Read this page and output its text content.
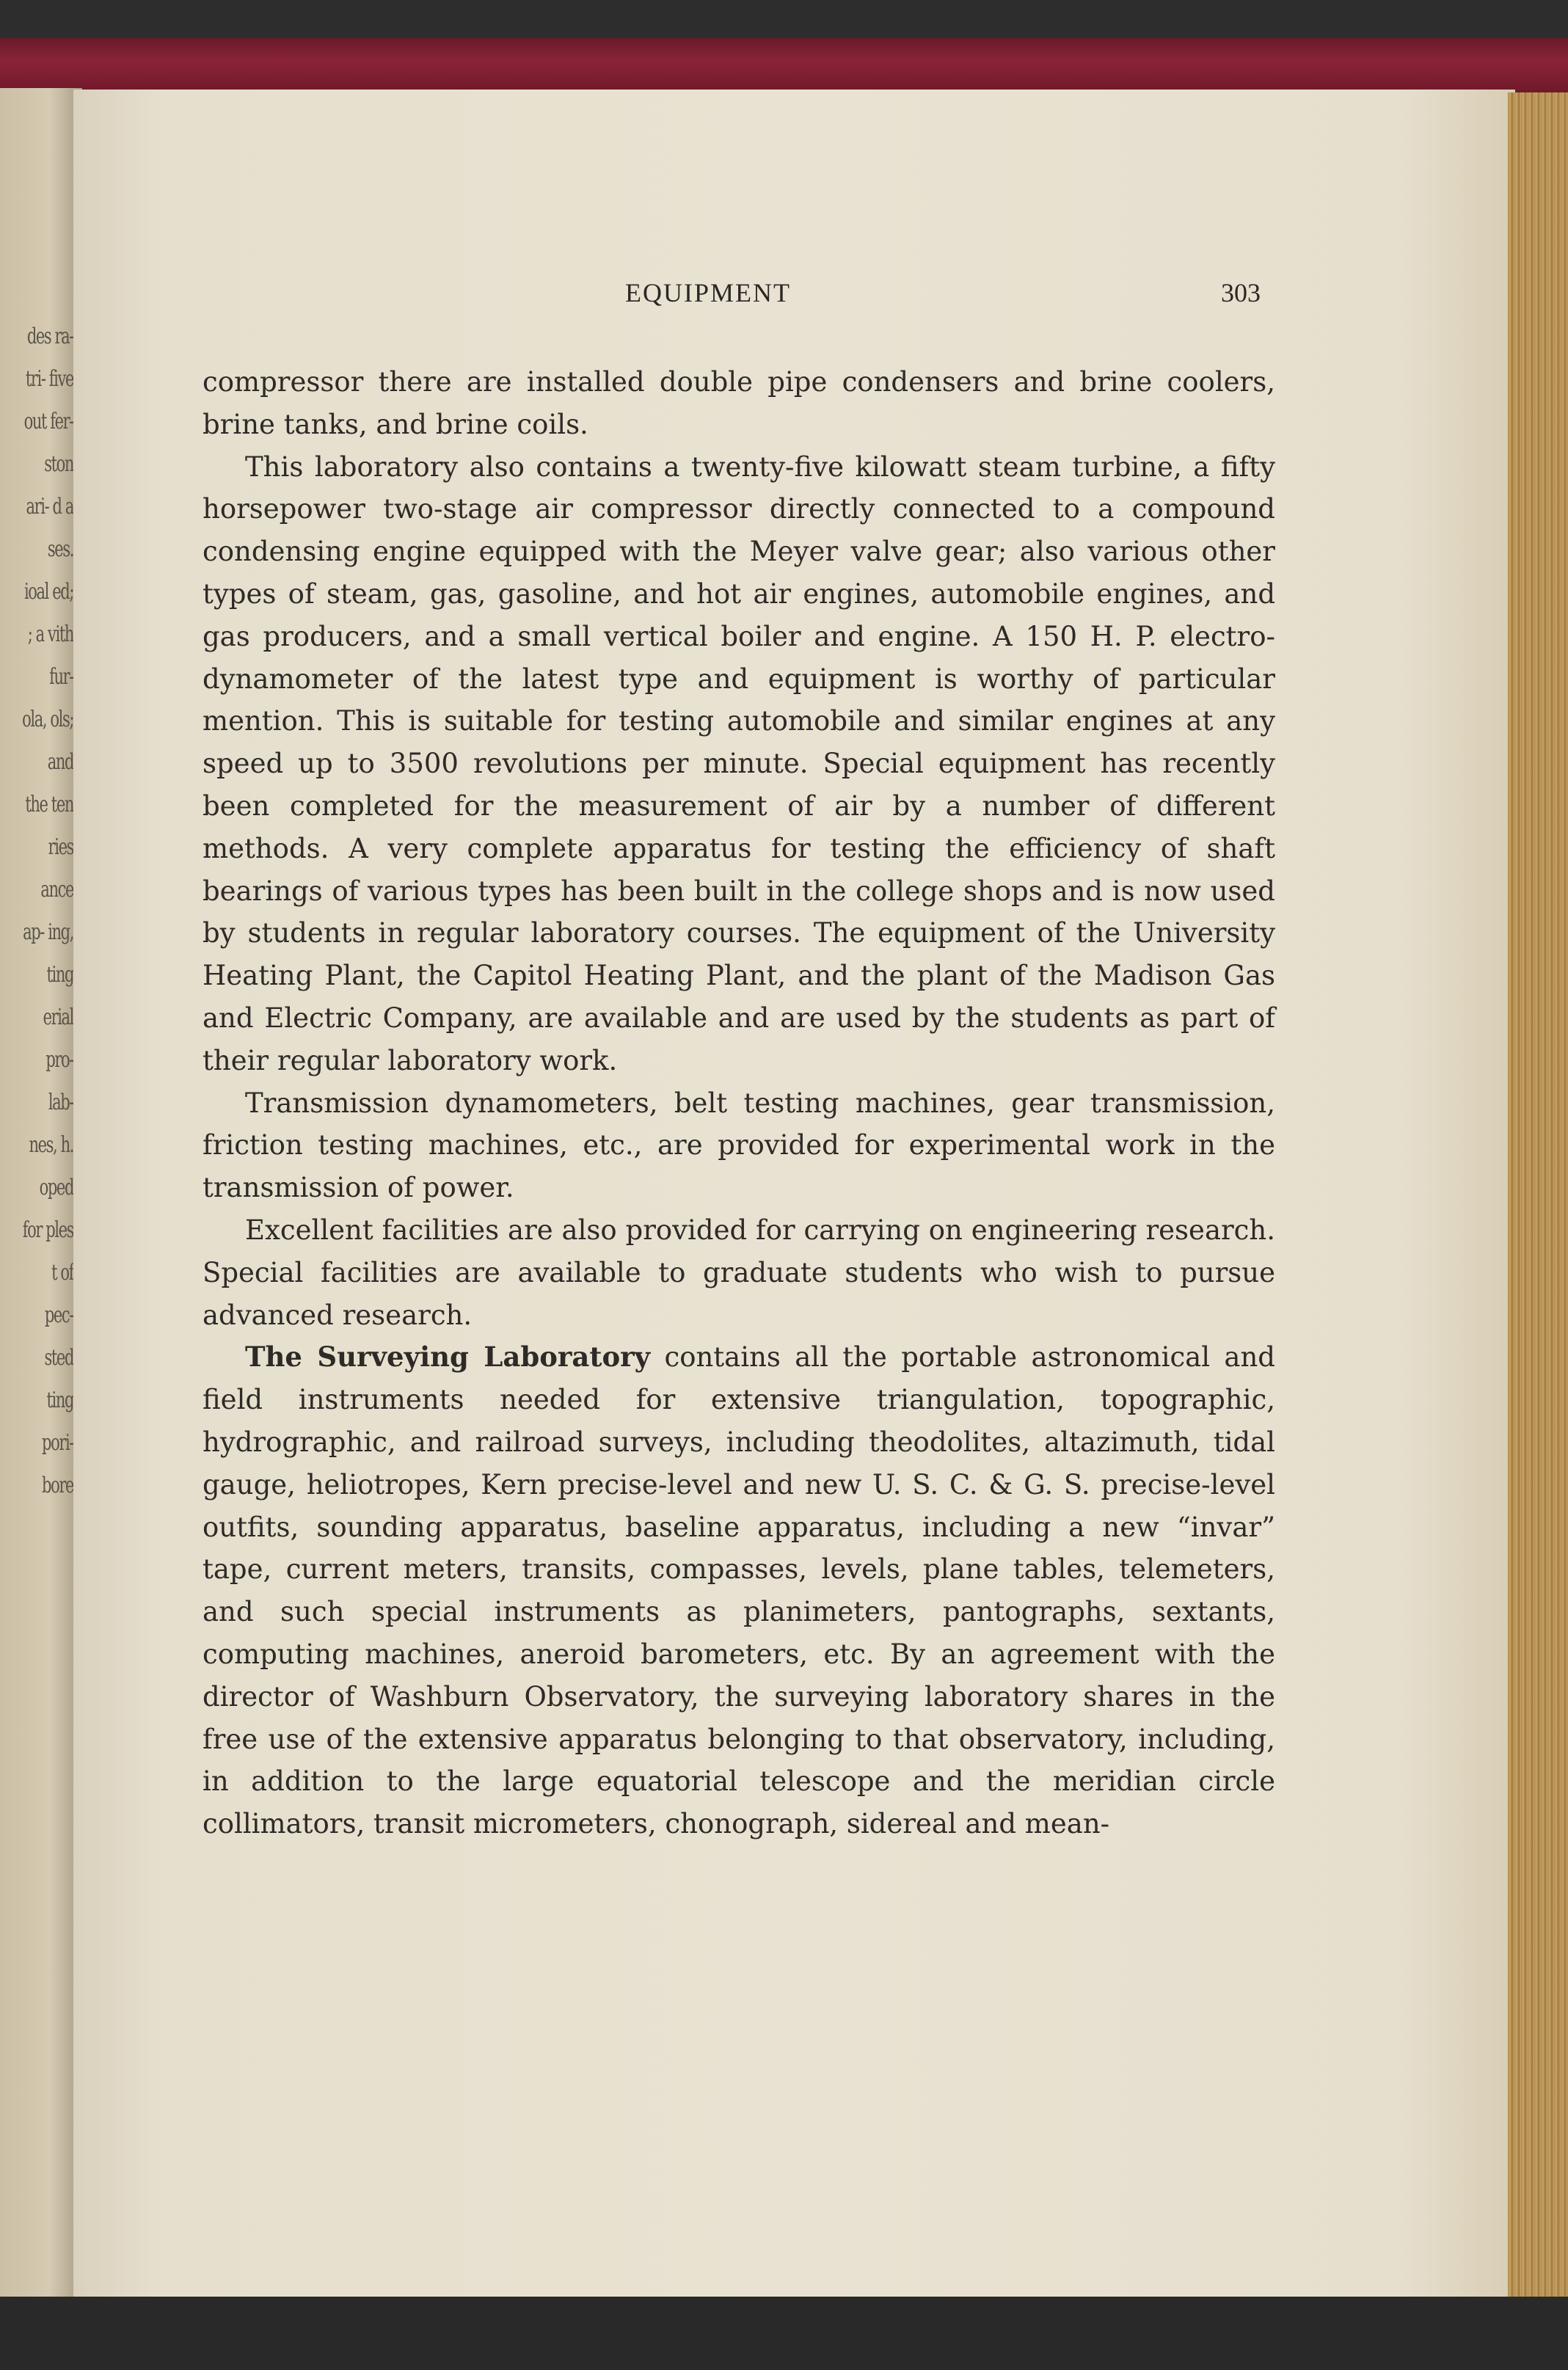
des ra- tri- five out fer- ston ari- d a ses. ioal ed; ; a vith fur- ola, ols; and the ten ries ance ap- ing, ting erial pro- lab- nes, h. oped for ples t of pec- sted ting pori- bore
EQUIPMENT	303

compressor there are installed double pipe condensers and brine coolers, brine tanks, and brine coils.

This laboratory also contains a twenty-five kilowatt steam turbine, a fifty horsepower two-stage air compressor directly connected to a compound condensing engine equipped with the Meyer valve gear; also various other types of steam, gas, gasoline, and hot air engines, automobile engines, and gas producers, and a small vertical boiler and engine. A 150 H. P. electro-dynamometer of the latest type and equipment is worthy of particular mention. This is suitable for testing automobile and similar engines at any speed up to 3500 revolutions per minute. Special equipment has recently been completed for the measurement of air by a number of different methods. A very complete apparatus for testing the efficiency of shaft bearings of various types has been built in the college shops and is now used by students in regular laboratory courses. The equipment of the University Heating Plant, the Capitol Heating Plant, and the plant of the Madison Gas and Electric Company, are available and are used by the students as part of their regular laboratory work.

Transmission dynamometers, belt testing machines, gear transmission, friction testing machines, etc., are provided for experimental work in the transmission of power.

Excellent facilities are also provided for carrying on engineering research. Special facilities are available to graduate students who wish to pursue advanced research.

The Surveying Laboratory contains all the portable astronomical and field instruments needed for extensive triangulation, topographic, hydrographic, and railroad surveys, including theodolites, altazimuth, tidal gauge, heliotropes, Kern precise-level and new U. S. C. & G. S. precise-level outfits, sounding apparatus, baseline apparatus, including a new “invar” tape, current meters, transits, compasses, levels, plane tables, telemeters, and such special instruments as planimeters, pantographs, sextants, computing machines, aneroid barometers, etc. By an agreement with the director of Washburn Observatory, the surveying laboratory shares in the free use of the extensive apparatus belonging to that observatory, including, in addition to the large equatorial telescope and the meridian circle collimators, transit micrometers, chonograph, sidereal and mean-
